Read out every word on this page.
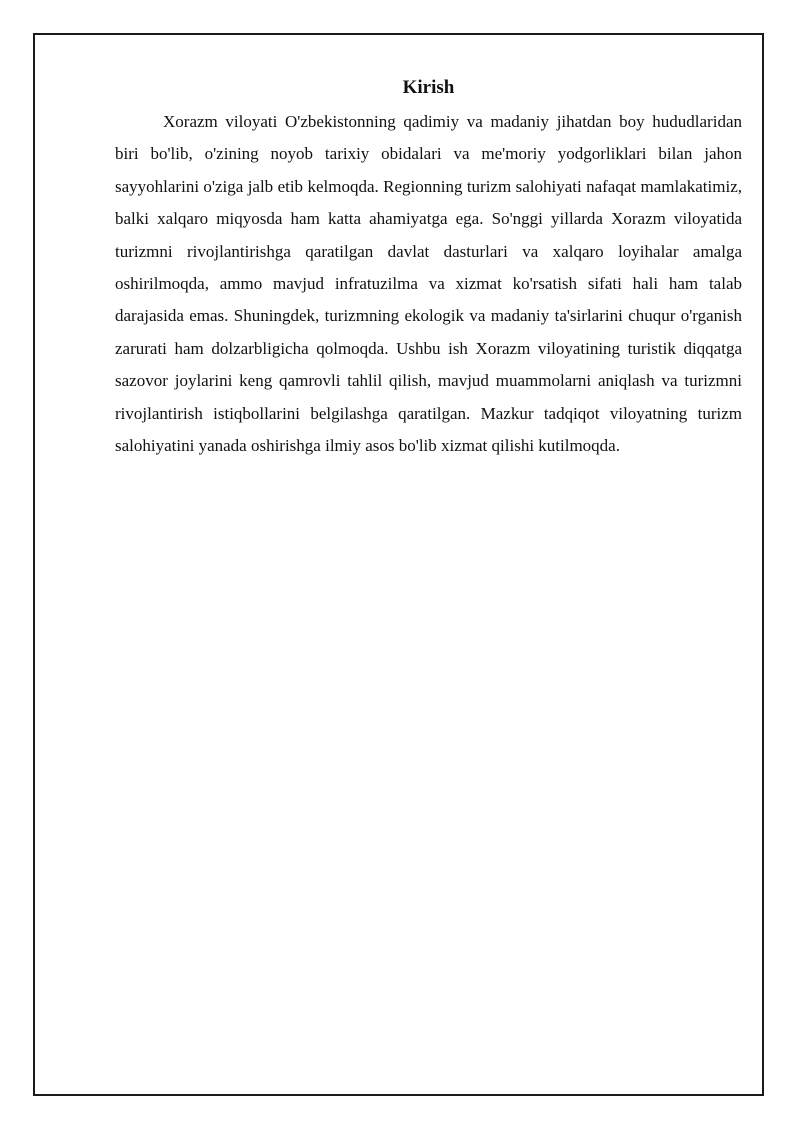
Kirish

Xorazm viloyati O'zbekistonning qadimiy va madaniy jihatdan boy hududlaridan biri bo'lib, o'zining noyob tarixiy obidalari va me'moriy yodgorliklari bilan jahon sayyohlarini o'ziga jalb etib kelmoqda. Regionning turizm salohiyati nafaqat mamlakatimiz, balki xalqaro miqyosda ham katta ahamiyatga ega. So'nggi yillarda Xorazm viloyatida turizmni rivojlantirishga qaratilgan davlat dasturlari va xalqaro loyihalar amalga oshirilmoqda, ammo mavjud infratuzilma va xizmat ko'rsatish sifati hali ham talab darajasida emas. Shuningdek, turizmning ekologik va madaniy ta'sirlarini chuqur o'rganish zarurati ham dolzarbligicha qolmoqda. Ushbu ish Xorazm viloyatining turistik diqqatga sazovor joylarini keng qamrovli tahlil qilish, mavjud muammolarni aniqlash va turizmni rivojlantirish istiqbollarini belgilashga qaratilgan. Mazkur tadqiqot viloyatning turizm salohiyatini yanada oshirishga ilmiy asos bo'lib xizmat qilishi kutilmoqda.
